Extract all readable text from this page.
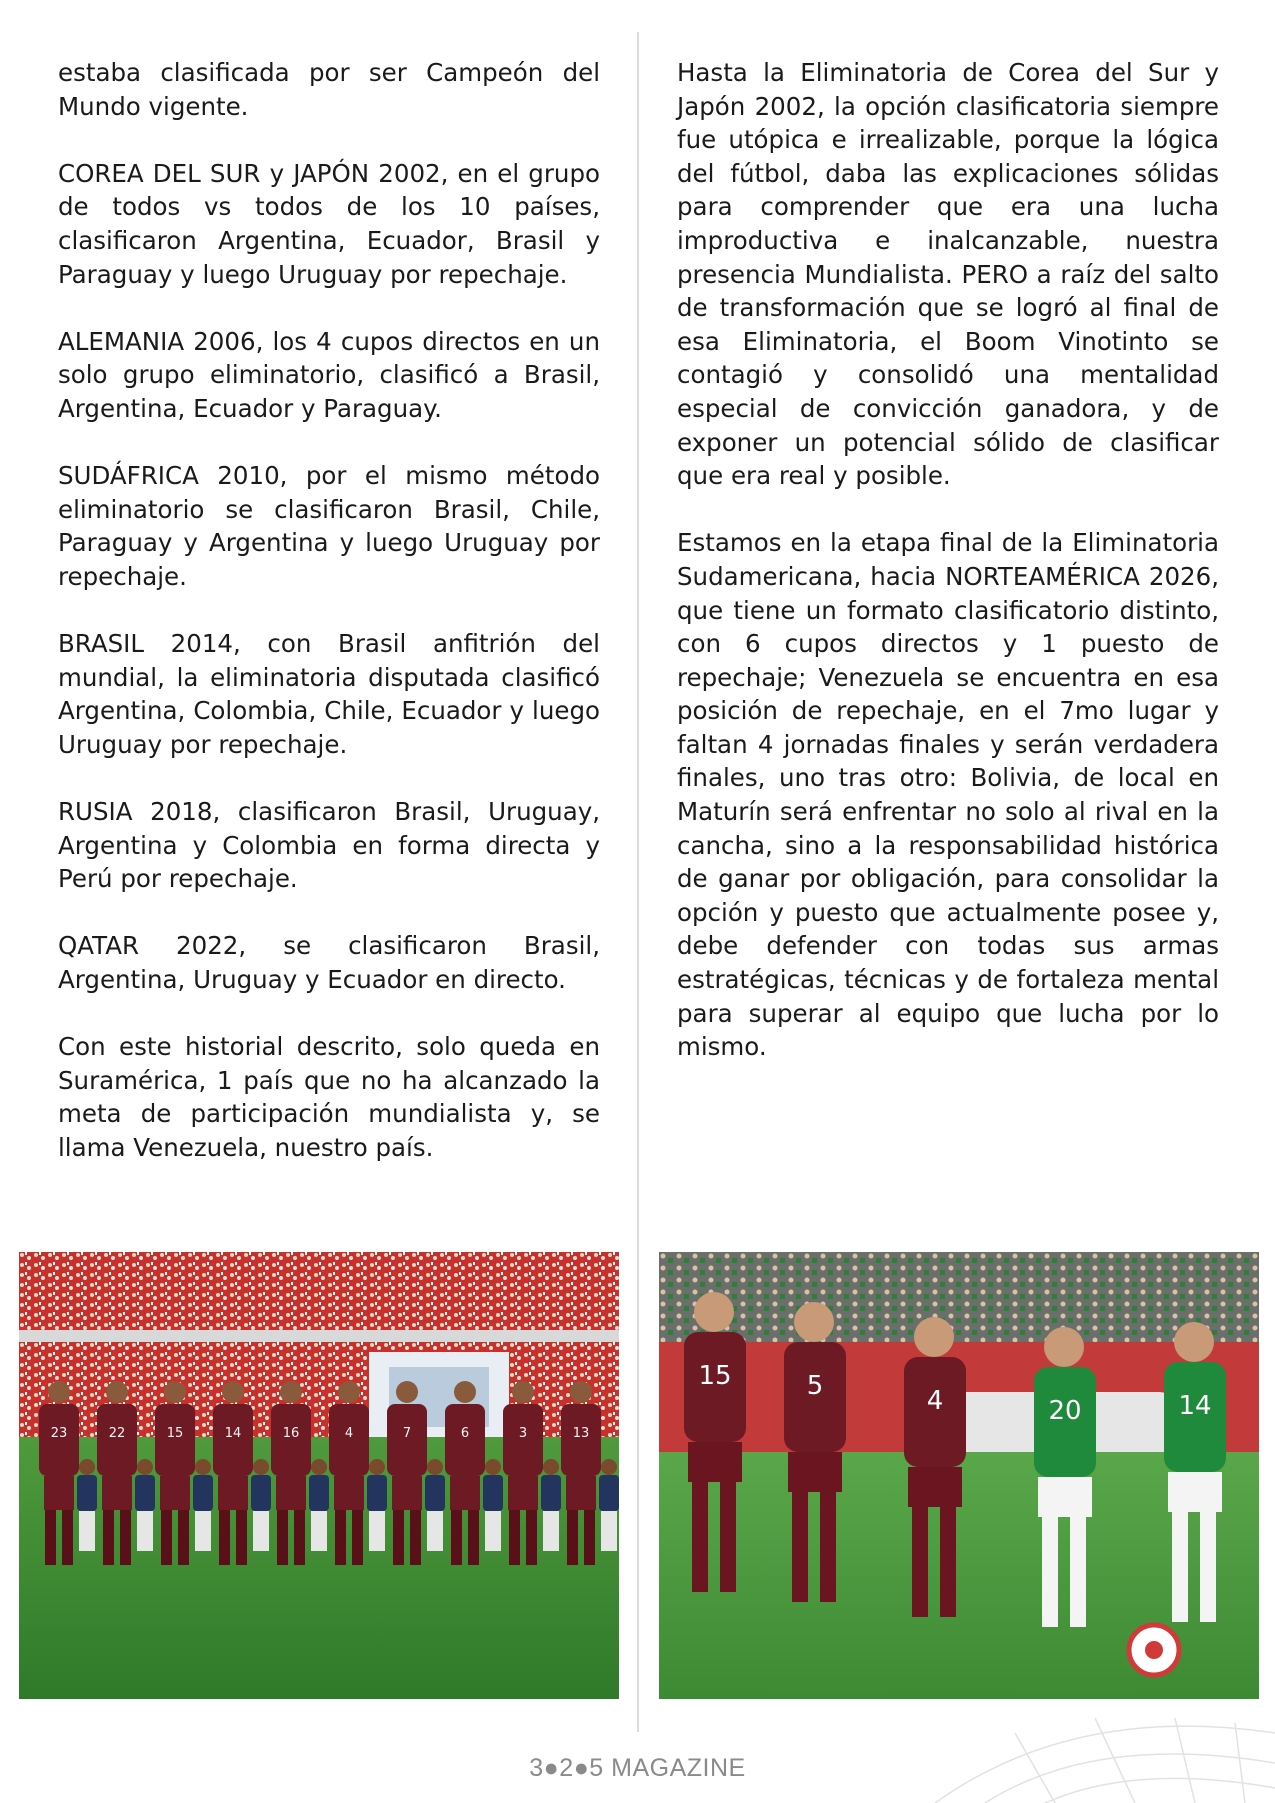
estaba clasificada por ser Campeón del Mundo vigente.

COREA DEL SUR y JAPÓN 2002, en el grupo de todos vs todos de los 10 países, clasificaron Argentina, Ecuador, Brasil y Paraguay y luego Uruguay por repechaje.

ALEMANIA 2006, los 4 cupos directos en un solo grupo eliminatorio, clasificó a Brasil, Argentina, Ecuador y Paraguay.

SUDÁFRICA 2010, por el mismo método eliminatorio se clasificaron Brasil, Chile, Paraguay y Argentina y luego Uruguay por repechaje.

BRASIL 2014, con Brasil anfitrión del mundial, la eliminatoria disputada clasificó Argentina, Colombia, Chile, Ecuador y luego Uruguay por repechaje.

RUSIA 2018, clasificaron Brasil, Uruguay, Argentina y Colombia en forma directa y Perú por repechaje.

QATAR 2022, se clasificaron Brasil, Argentina, Uruguay y Ecuador en directo.

Con este historial descrito, solo queda en Suramérica, 1 país que no ha alcanzado la meta de participación mundialista y, se llama Venezuela, nuestro país.

Hasta la Eliminatoria de Corea del Sur y Japón 2002, la opción clasificatoria siempre fue utópica e irrealizable, porque la lógica del fútbol, daba las explicaciones sólidas para comprender que era una lucha improductiva e inalcanzable, nuestra presencia Mundialista. PERO a raíz del salto de transformación que se logró al final de esa Eliminatoria, el Boom Vinotinto se contagió y consolidó una mentalidad especial de convicción ganadora, y de exponer un potencial sólido de clasificar que era real y posible.

Estamos en la etapa final de la Eliminatoria Sudamericana, hacia NORTEAMÉRICA 2026, que tiene un formato clasificatorio distinto, con 6 cupos directos y 1 puesto de repechaje; Venezuela se encuentra en esa posición de repechaje, en el 7mo lugar y faltan 4 jornadas finales y serán verdadera finales, uno tras otro: Bolivia, de local en Maturín será enfrentar no solo al rival en la cancha, sino a la responsabilidad histórica de ganar por obligación, para consolidar la opción y puesto que actualmente posee y, debe defender con todas sus armas estratégicas, técnicas y de fortaleza mental para superar al equipo que lucha por lo mismo.

23	22	15	14	16	4	7	6	3	13
15	5	4	20	14
3●2●5 MAGAZINE
